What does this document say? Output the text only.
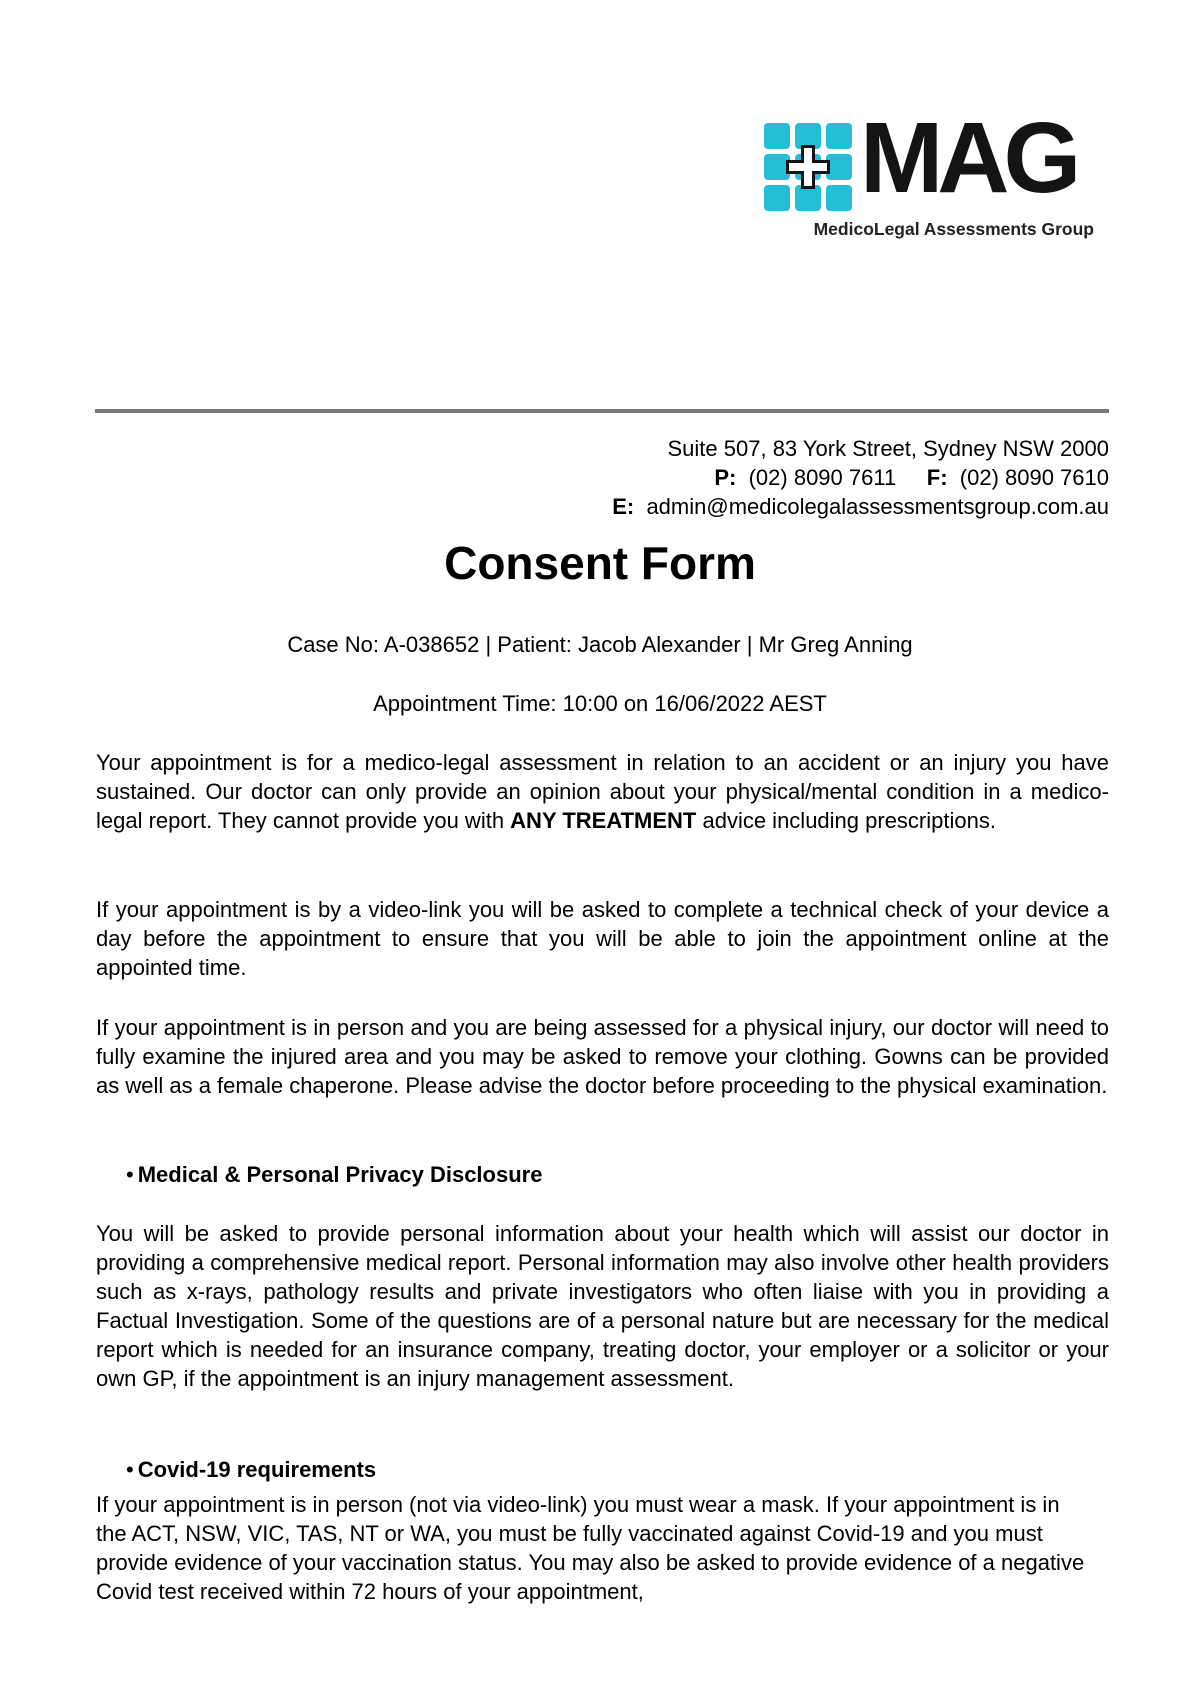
MAG
MedicoLegal Assessments Group
Suite 507, 83 York Street, Sydney NSW 2000
P: (02) 8090 7611 F: (02) 8090 7610
E: admin@medicolegalassessmentsgroup.com.au
Consent Form
Case No: A-038652 | Patient: Jacob Alexander | Mr Greg Anning
Appointment Time: 10:00 on 16/06/2022 AEST

Your appointment is for a medico-legal assessment in relation to an accident or an injury you have sustained. Our doctor can only provide an opinion about your physical/mental condition in a medico-legal report. They cannot provide you with ANY TREATMENT advice including prescriptions.

If your appointment is by a video-link you will be asked to complete a technical check of your device a day before the appointment to ensure that you will be able to join the appointment online at the appointed time.

If your appointment is in person and you are being assessed for a physical injury, our doctor will need to fully examine the injured area and you may be asked to remove your clothing. Gowns can be provided as well as a female chaperone. Please advise the doctor before proceeding to the physical examination.

• Medical & Personal Privacy Disclosure

You will be asked to provide personal information about your health which will assist our doctor in providing a comprehensive medical report. Personal information may also involve other health providers such as x-rays, pathology results and private investigators who often liaise with you in providing a Factual Investigation. Some of the questions are of a personal nature but are necessary for the medical report which is needed for an insurance company, treating doctor, your employer or a solicitor or your own GP, if the appointment is an injury management assessment.

• Covid-19 requirements

If your appointment is in person (not via video-link) you must wear a mask. If your appointment is in the ACT, NSW, VIC, TAS, NT or WA, you must be fully vaccinated against Covid-19 and you must provide evidence of your vaccination status. You may also be asked to provide evidence of a negative Covid test received within 72 hours of your appointment,
